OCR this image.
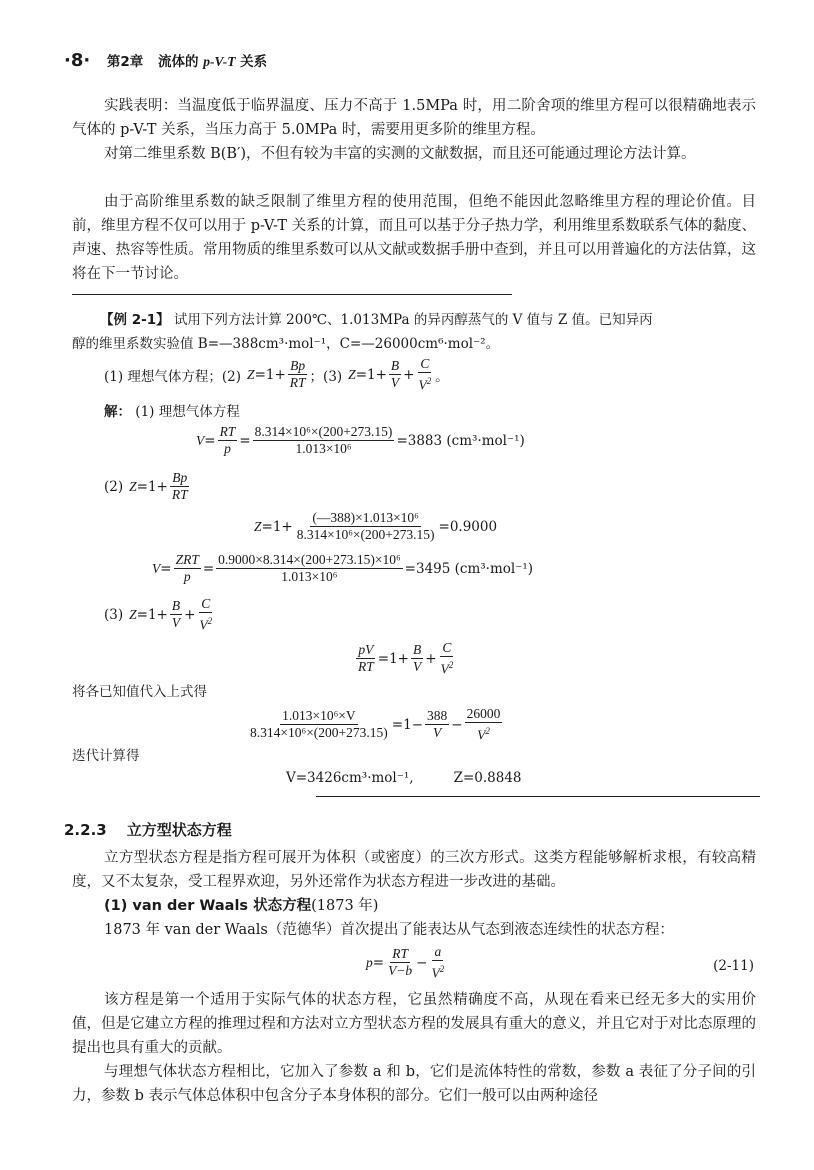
·8· 第2章 流体的 p-V-T 关系
实践表明：当温度低于临界温度、压力不高于 1.5MPa 时，用二阶舍项的维里方程可以很精确地表示气体的 p-V-T 关系，当压力高于 5.0MPa 时，需要用更多阶的维里方程。
对第二维里系数 B(B′)，不但有较为丰富的实测的文献数据，而且还可能通过理论方法计算。
由于高阶维里系数的缺乏限制了维里方程的使用范围，但绝不能因此忽略维里方程的理论价值。目前，维里方程不仅可以用于 p-V-T 关系的计算，而且可以基于分子热力学，利用维里系数联系气体的黏度、声速、热容等性质。常用物质的维里系数可以从文献或数据手册中查到，并且可以用普遍化的方法估算，这将在下一节讨论。
【例 2-1】 试用下列方法计算 200℃、1.013MPa 的异丙醇蒸气的 V 值与 Z 值。已知异丙
醇的维里系数实验值 B=—388cm³·mol⁻¹，C=—26000cm⁶·mol⁻²。
(1) 理想气体方程；(2) $Z =1+ \frac{Bp}{RT}$ ；(3) $Z =1+ \frac{B}{V} + \frac{C}{V^2}$ 。
解： (1) 理想气体方程
$V = \frac{RT}{p} = \frac{\text{8.314×10⁶×(200+273.15)}}{\text{1.013×10⁶}} =3883$ (cm³·mol⁻¹)
(2) $Z =1+ \frac{Bp}{RT}$
$Z =1+ \frac{\text{(—388)×1.013×10⁶}}{\text{8.314×10⁶×(200+273.15)}} =0.9000$
$V = \frac{\text{ZRT}}{p} = \frac{\text{0.9000×8.314×(200+273.15)×10⁶}}{\text{1.013×10⁶}} =3495$ (cm³·mol⁻¹)
(3) $Z =1+ \frac{B}{V} + \frac{C}{V^2}$
$\frac{pV}{RT} =1+ \frac{B}{V} + \frac{C}{V^2}$
将各已知值代入上式得
$\frac{\text{1.013×10⁶×V}}{\text{8.314×10⁶×(200+273.15)}} =1- \frac{388}{V} - \frac{26000}{V^2}$
迭代计算得
V=3426cm³·mol⁻¹,	Z=0.8848
2.2.3 立方型状态方程
立方型状态方程是指方程可展开为体积（或密度）的三次方形式。这类方程能够解析求根，有较高精度，又不太复杂，受工程界欢迎，另外还常作为状态方程进一步改进的基础。
(1) van der Waals 状态方程(1873 年)
1873 年 van der Waals（范德华）首次提出了能表达从气态到液态连续性的状态方程：
$p = \frac{RT}{V-b} - \frac{a}{V^2}$	(2-11)
该方程是第一个适用于实际气体的状态方程，它虽然精确度不高，从现在看来已经无多大的实用价值，但是它建立方程的推理过程和方法对立方型状态方程的发展具有重大的意义，并且它对于对比态原理的提出也具有重大的贡献。
与理想气体状态方程相比，它加入了参数 a 和 b，它们是流体特性的常数，参数 a 表征了分子间的引力，参数 b 表示气体总体积中包含分子本身体积的部分。它们一般可以由两种途径
